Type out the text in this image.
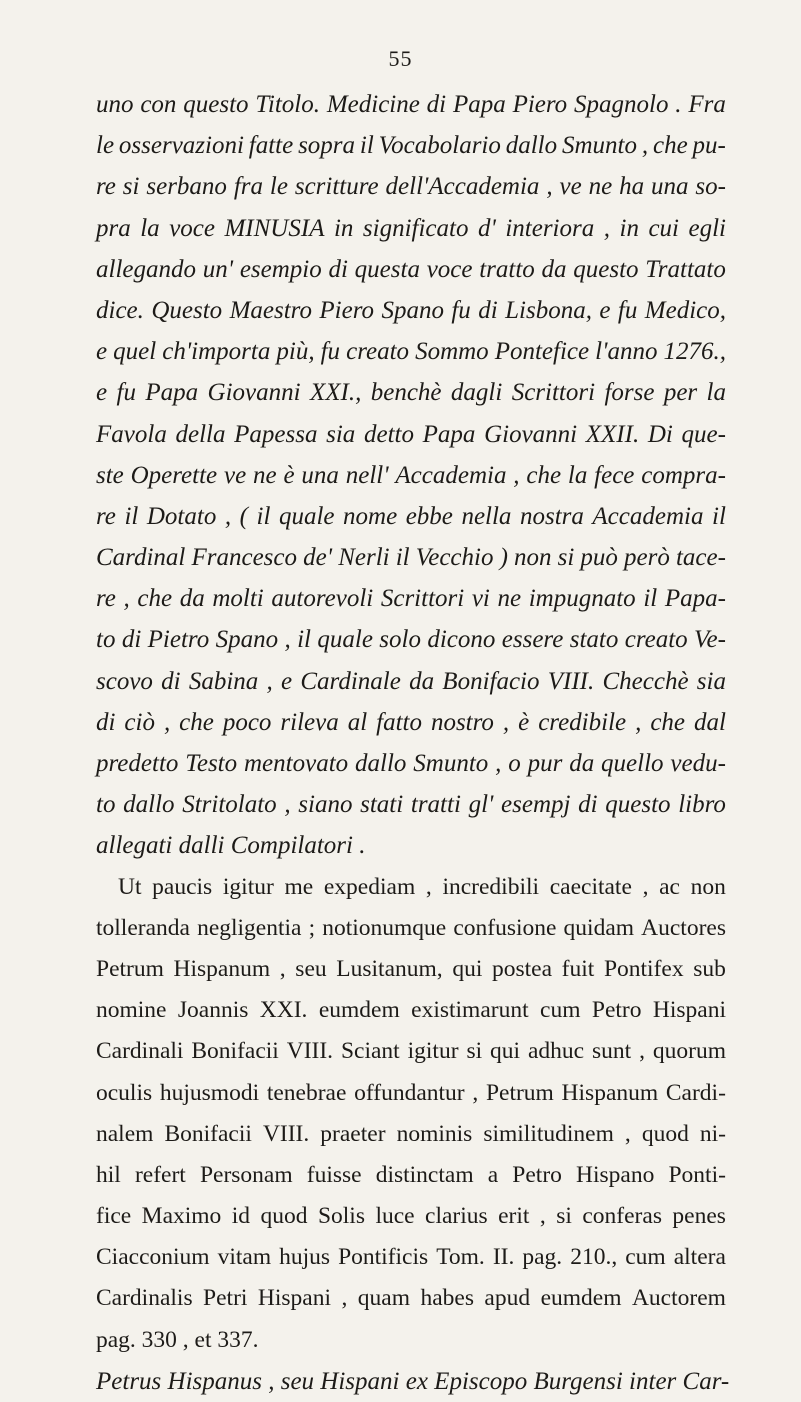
55
uno con questo Titolo. Medicine di Papa Piero Spagnolo . Fra
le osservazioni fatte sopra il Vocabolario dallo Smunto , che pu-
re si serbano fra le scritture dell'Accademia , ve ne ha una so-
pra la voce MINUSIA in significato d' interiora , in cui egli
allegando un' esempio di questa voce tratto da questo Trattato
dice. Questo Maestro Piero Spano fu di Lisbona, e fu Medico,
e quel ch'importa più, fu creato Sommo Pontefice l'anno 1276.,
e fu Papa Giovanni XXI., benchè dagli Scrittori forse per la
Favola della Papessa sia detto Papa Giovanni XXII. Di que-
ste Operette ve ne è una nell' Accademia , che la fece compra-
re il Dotato , ( il quale nome ebbe nella nostra Accademia il
Cardinal Francesco de' Nerli il Vecchio ) non si può però tace-
re , che da molti autorevoli Scrittori vi ne impugnato il Papa-
to di Pietro Spano , il quale solo dicono essere stato creato Ve-
scovo di Sabina , e Cardinale da Bonifacio VIII. Checchè sia
di ciò , che poco rileva al fatto nostro , è credibile , che dal
predetto Testo mentovato dallo Smunto , o pur da quello vedu-
to dallo Stritolato , siano stati tratti gl' esempj di questo libro
allegati dalli Compilatori .
Ut paucis igitur me expediam , incredibili caecitate , ac non
tolleranda negligentia ; notionumque confusione quidam Auctores
Petrum Hispanum , seu Lusitanum, qui postea fuit Pontifex sub
nomine Joannis XXI. eumdem existimarunt cum Petro Hispani
Cardinali Bonifacii VIII. Sciant igitur si qui adhuc sunt , quorum
oculis hujusmodi tenebrae offundantur , Petrum Hispanum Cardi-
nalem Bonifacii VIII. praeter nominis similitudinem , quod ni-
hil refert Personam fuisse distinctam a Petro Hispano Ponti-
fice Maximo id quod Solis luce clarius erit , si conferas penes
Ciacconium vitam hujus Pontificis Tom. II. pag. 210., cum altera
Cardinalis Petri Hispani , quam habes apud eumdem Auctorem
pag. 330 , et 337.
Petrus Hispanus , seu Hispani ex Episcopo Burgensi inter Car-
